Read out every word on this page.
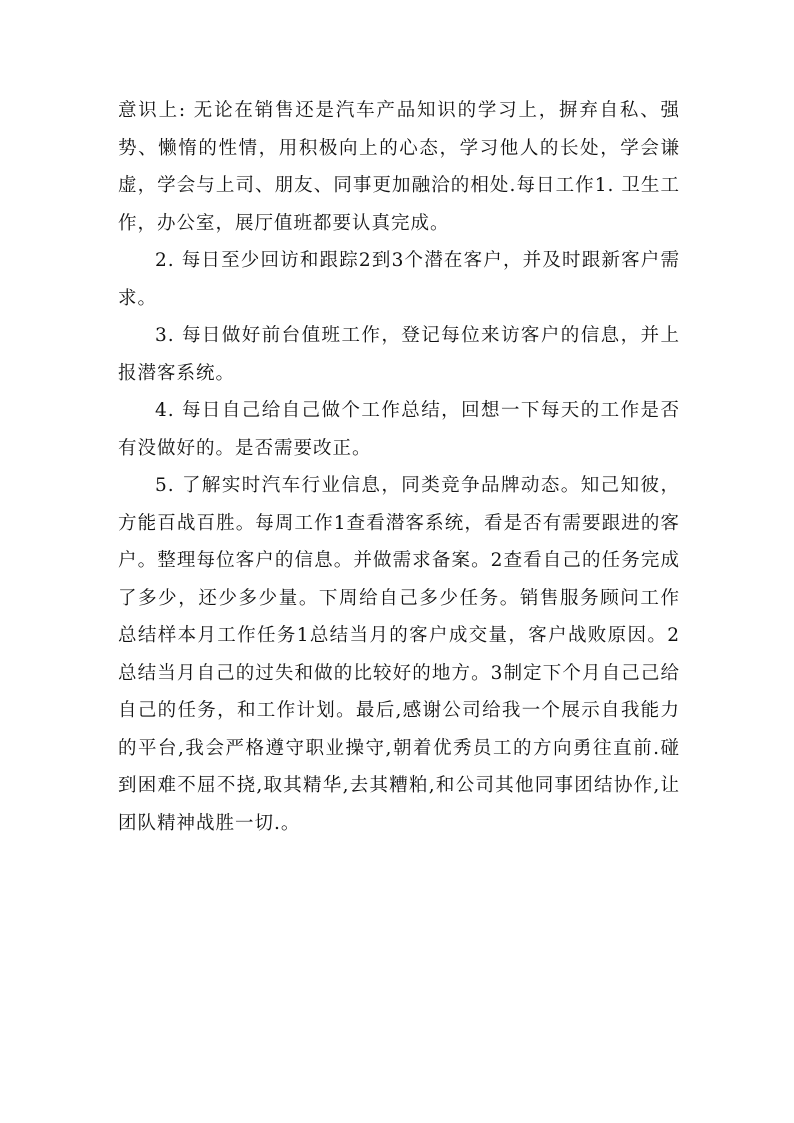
意识上: 无论在销售还是汽车产品知识的学习上，摒弃自私、强势、懒惰的性情，用积极向上的心态，学习他人的长处，学会谦虚，学会与上司、朋友、同事更加融洽的相处.每日工作1. 卫生工作，办公室，展厅值班都要认真完成。

2. 每日至少回访和跟踪2到3个潜在客户，并及时跟新客户需求。

3. 每日做好前台值班工作，登记每位来访客户的信息，并上报潜客系统。

4. 每日自己给自己做个工作总结，回想一下每天的工作是否有没做好的。是否需要改正。

5. 了解实时汽车行业信息，同类竞争品牌动态。知己知彼，方能百战百胜。每周工作1查看潜客系统，看是否有需要跟进的客户。整理每位客户的信息。并做需求备案。2查看自己的任务完成了多少，还少多少量。下周给自己多少任务。销售服务顾问工作总结样本月工作任务1总结当月的客户成交量，客户战败原因。2总结当月自己的过失和做的比较好的地方。3制定下个月自己己给自己的任务，和工作计划。最后,感谢公司给我一个展示自我能力的平台,我会严格遵守职业操守,朝着优秀员工的方向勇往直前.碰到困难不屈不挠,取其精华,去其糟粕,和公司其他同事团结协作,让团队精神战胜一切.。
